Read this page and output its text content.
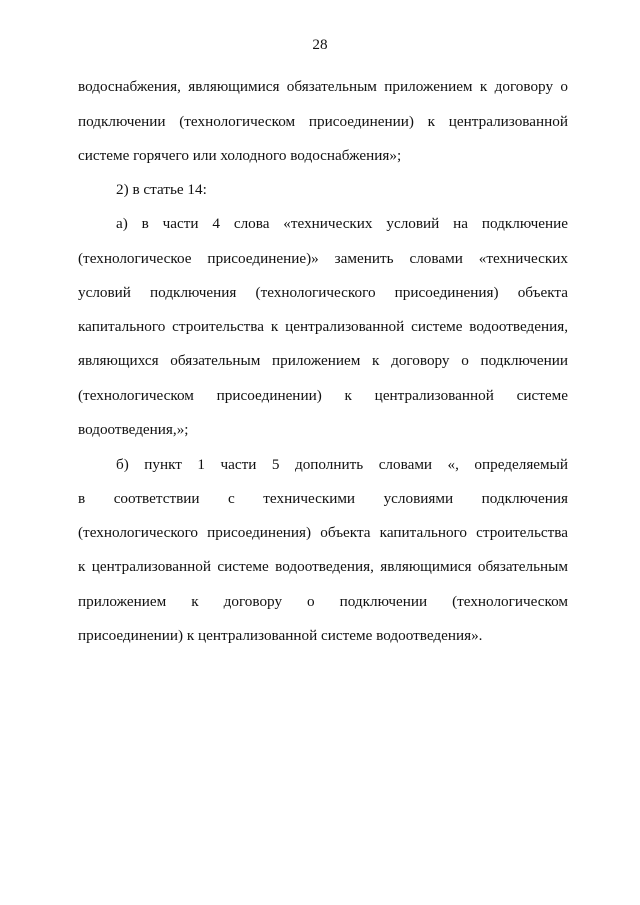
28
водоснабжения, являющимися обязательным приложением к договору о
подключении (технологическом присоединении) к централизованной
системе горячего или холодного водоснабжения»;
2) в статье 14:
а) в части 4 слова «технических условий на подключение
(технологическое присоединение)» заменить словами «технических
условий подключения (технологического присоединения) объекта
капитального строительства к централизованной системе водоотведения,
являющихся обязательным приложением к договору о подключении
(технологическом присоединении) к централизованной системе
водоотведения,»;
б) пункт 1 части 5 дополнить словами «, определяемый
в соответствии с техническими условиями подключения
(технологического присоединения) объекта капитального строительства
к централизованной системе водоотведения, являющимися обязательным
приложением к договору о подключении (технологическом
присоединении) к централизованной системе водоотведения».
